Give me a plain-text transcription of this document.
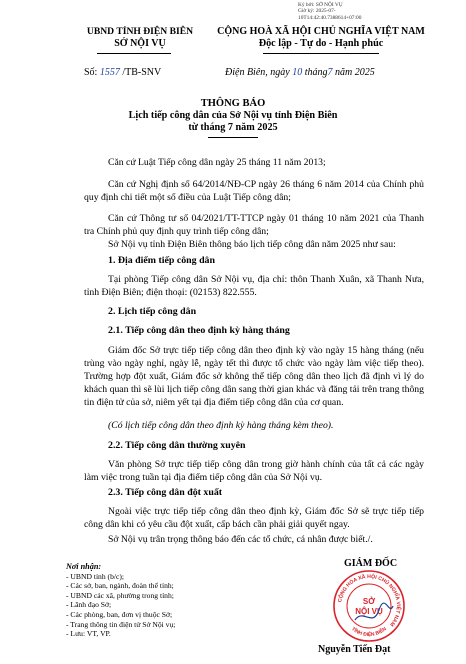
Ký bởi: SỞ NỘI VỤ
Giờ ký: 2025-07-
10T14:42:40.7388614+07:00
UBND TỈNH ĐIỆN BIÊN
SỞ NỘI VỤ
CỘNG HOÀ XÃ HỘI CHỦ NGHĨA VIỆT NAM
Độc lập - Tự do - Hạnh phúc
Số: 1557 /TB-SNV	Điện Biên, ngày 10 tháng7 năm 2025
THÔNG BÁO
Lịch tiếp công dân của Sở Nội vụ tỉnh Điện Biên
từ tháng 7 năm 2025
Căn cứ Luật Tiếp công dân ngày 25 tháng 11 năm 2013;
Căn cứ Nghị định số 64/2014/NĐ-CP ngày 26 tháng 6 năm 2014 của Chính phủ quy định chi tiết một số điều của Luật Tiếp công dân;
Căn cứ Thông tư số 04/2021/TT-TTCP ngày 01 tháng 10 năm 2021 của Thanh tra Chính phủ quy định quy trình tiếp công dân;
Sở Nội vụ tỉnh Điện Biên thông báo lịch tiếp công dân năm 2025 như sau:
1. Địa điểm tiếp công dân
Tại phòng Tiếp công dân Sở Nội vụ, địa chỉ: thôn Thanh Xuân, xã Thanh Nưa, tỉnh Điện Biên; điện thoại: (02153) 822.555.
2. Lịch tiếp công dân
2.1. Tiếp công dân theo định kỳ hàng tháng
Giám đốc Sở trực tiếp tiếp công dân theo định kỳ vào ngày 15 hàng tháng (nếu trùng vào ngày nghỉ, ngày lễ, ngày tết thì được tổ chức vào ngày làm việc tiếp theo). Trường hợp đột xuất, Giám đốc sở không thể tiếp công dân theo lịch đã định vì lý do khách quan thì sẽ lùi lịch tiếp công dân sang thời gian khác và đăng tải trên trang thông tin điện tử của sở, niêm yết tại địa điểm tiếp công dân của cơ quan.
(Có lịch tiếp công dân theo định kỳ hàng tháng kèm theo).
2.2. Tiếp công dân thường xuyên
Văn phòng Sở trực tiếp tiếp công dân trong giờ hành chính của tất cả các ngày làm việc trong tuần tại địa điểm tiếp công dân của Sở Nội vụ.
2.3. Tiếp công dân đột xuất
Ngoài việc trực tiếp tiếp công dân theo định kỳ, Giám đốc Sở sẽ trực tiếp tiếp công dân khi có yêu cầu đột xuất, cấp bách cần phải giải quyết ngay.
Sở Nội vụ trân trọng thông báo đến các tổ chức, cá nhân được biết./.
Nơi nhận:
- UBND tỉnh (b/c);
- Các sở, ban, ngành, đoàn thể tỉnh;
- UBND các xã, phường trong tỉnh;
- Lãnh đạo Sở;
- Các phòng, ban, đơn vị thuộc Sở;
- Trang thông tin điện tử Sở Nội vụ;
- Lưu: VT, VP.
GIÁM ĐỐC
CỘNG HÒA XÃ HỘI CHỦ NGHĨA VIỆT NAM
TỈNH ĐIỆN BIÊN
SỞ
NỘI VỤ
Nguyễn Tiến Đạt
